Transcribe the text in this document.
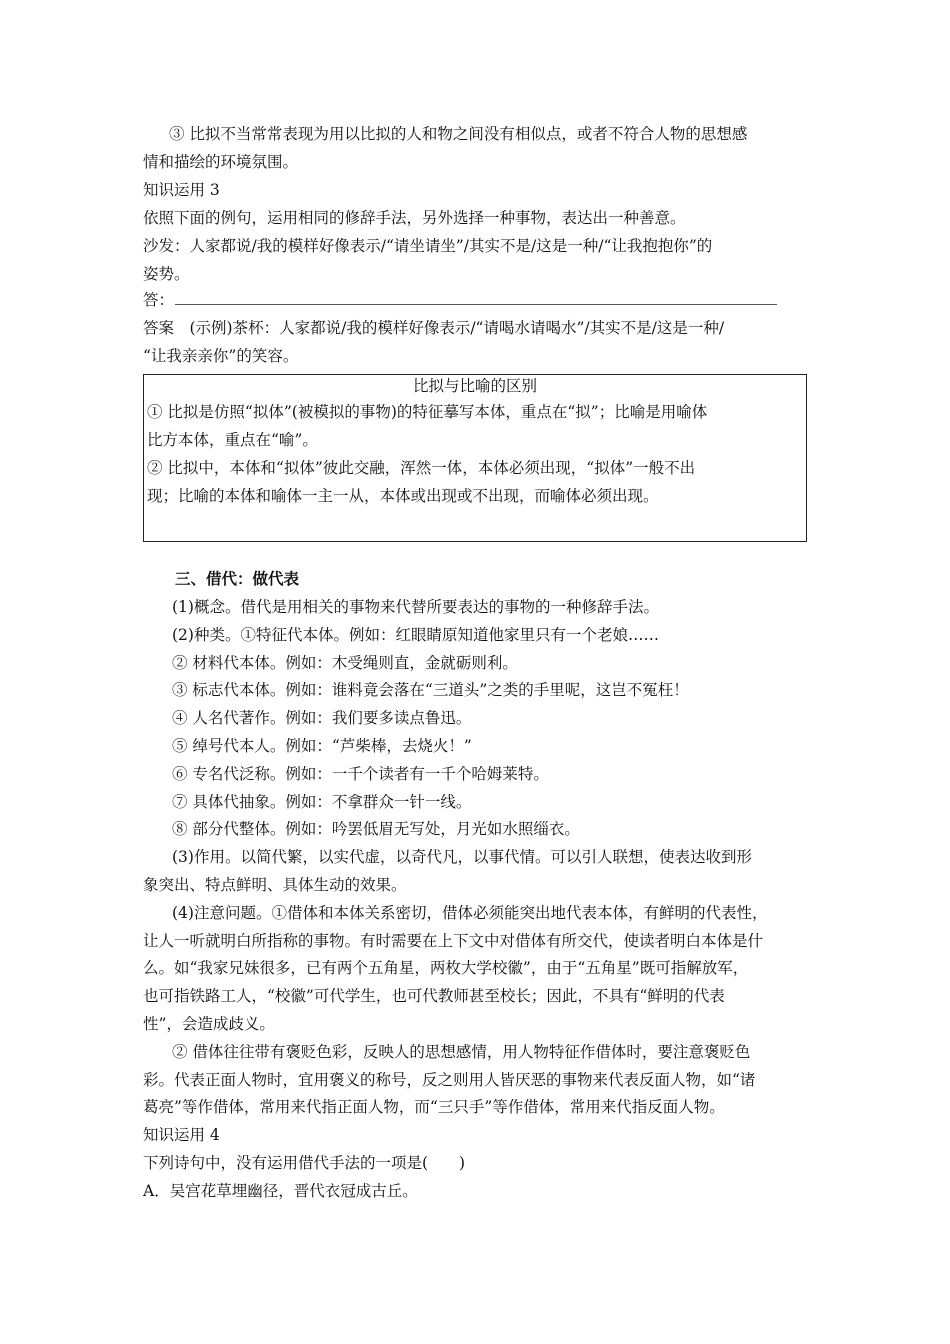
③ 比拟不当常常表现为用以比拟的人和物之间没有相似点，或者不符合人物的思想感
情和描绘的环境氛围。
知识运用 3
依照下面的例句，运用相同的修辞手法，另外选择一种事物，表达出一种善意。
沙发：人家都说/我的模样好像表示/“请坐请坐”/其实不是/这是一种/“让我抱抱你”的
姿势。
答：
答案　(示例)茶杯：人家都说/我的模样好像表示/“请喝水请喝水”/其实不是/这是一种/
“让我亲亲你”的笑容。
比拟与比喻的区别
① 比拟是仿照“拟体”(被模拟的事物)的特征摹写本体，重点在“拟”；比喻是用喻体
比方本体，重点在“喻”。
② 比拟中，本体和“拟体”彼此交融，浑然一体，本体必须出现，“拟体”一般不出
现；比喻的本体和喻体一主一从，本体或出现或不出现，而喻体必须出现。
三、借代：做代表
(1)概念。借代是用相关的事物来代替所要表达的事物的一种修辞手法。
(2)种类。①特征代本体。例如：红眼睛原知道他家里只有一个老娘……
② 材料代本体。例如：木受绳则直，金就砺则利。
③ 标志代本体。例如：谁料竟会落在“三道头”之类的手里呢，这岂不冤枉！
④ 人名代著作。例如：我们要多读点鲁迅。
⑤ 绰号代本人。例如：“芦柴棒，去烧火！”
⑥ 专名代泛称。例如：一千个读者有一千个哈姆莱特。
⑦ 具体代抽象。例如：不拿群众一针一线。
⑧ 部分代整体。例如：吟罢低眉无写处，月光如水照缁衣。
(3)作用。以简代繁，以实代虚，以奇代凡，以事代情。可以引人联想，使表达收到形
象突出、特点鲜明、具体生动的效果。
(4)注意问题。①借体和本体关系密切，借体必须能突出地代表本体，有鲜明的代表性，
让人一听就明白所指称的事物。有时需要在上下文中对借体有所交代，使读者明白本体是什
么。如“我家兄妹很多，已有两个五角星，两枚大学校徽”，由于“五角星”既可指解放军，
也可指铁路工人，“校徽”可代学生，也可代教师甚至校长；因此，不具有“鲜明的代表
性”，会造成歧义。
② 借体往往带有褒贬色彩，反映人的思想感情，用人物特征作借体时，要注意褒贬色
彩。代表正面人物时，宜用褒义的称号，反之则用人皆厌恶的事物来代表反面人物，如“诸
葛亮”等作借体，常用来代指正面人物，而“三只手”等作借体，常用来代指反面人物。
知识运用 4
下列诗句中，没有运用借代手法的一项是(　　)
A．吴宫花草埋幽径，晋代衣冠成古丘。
